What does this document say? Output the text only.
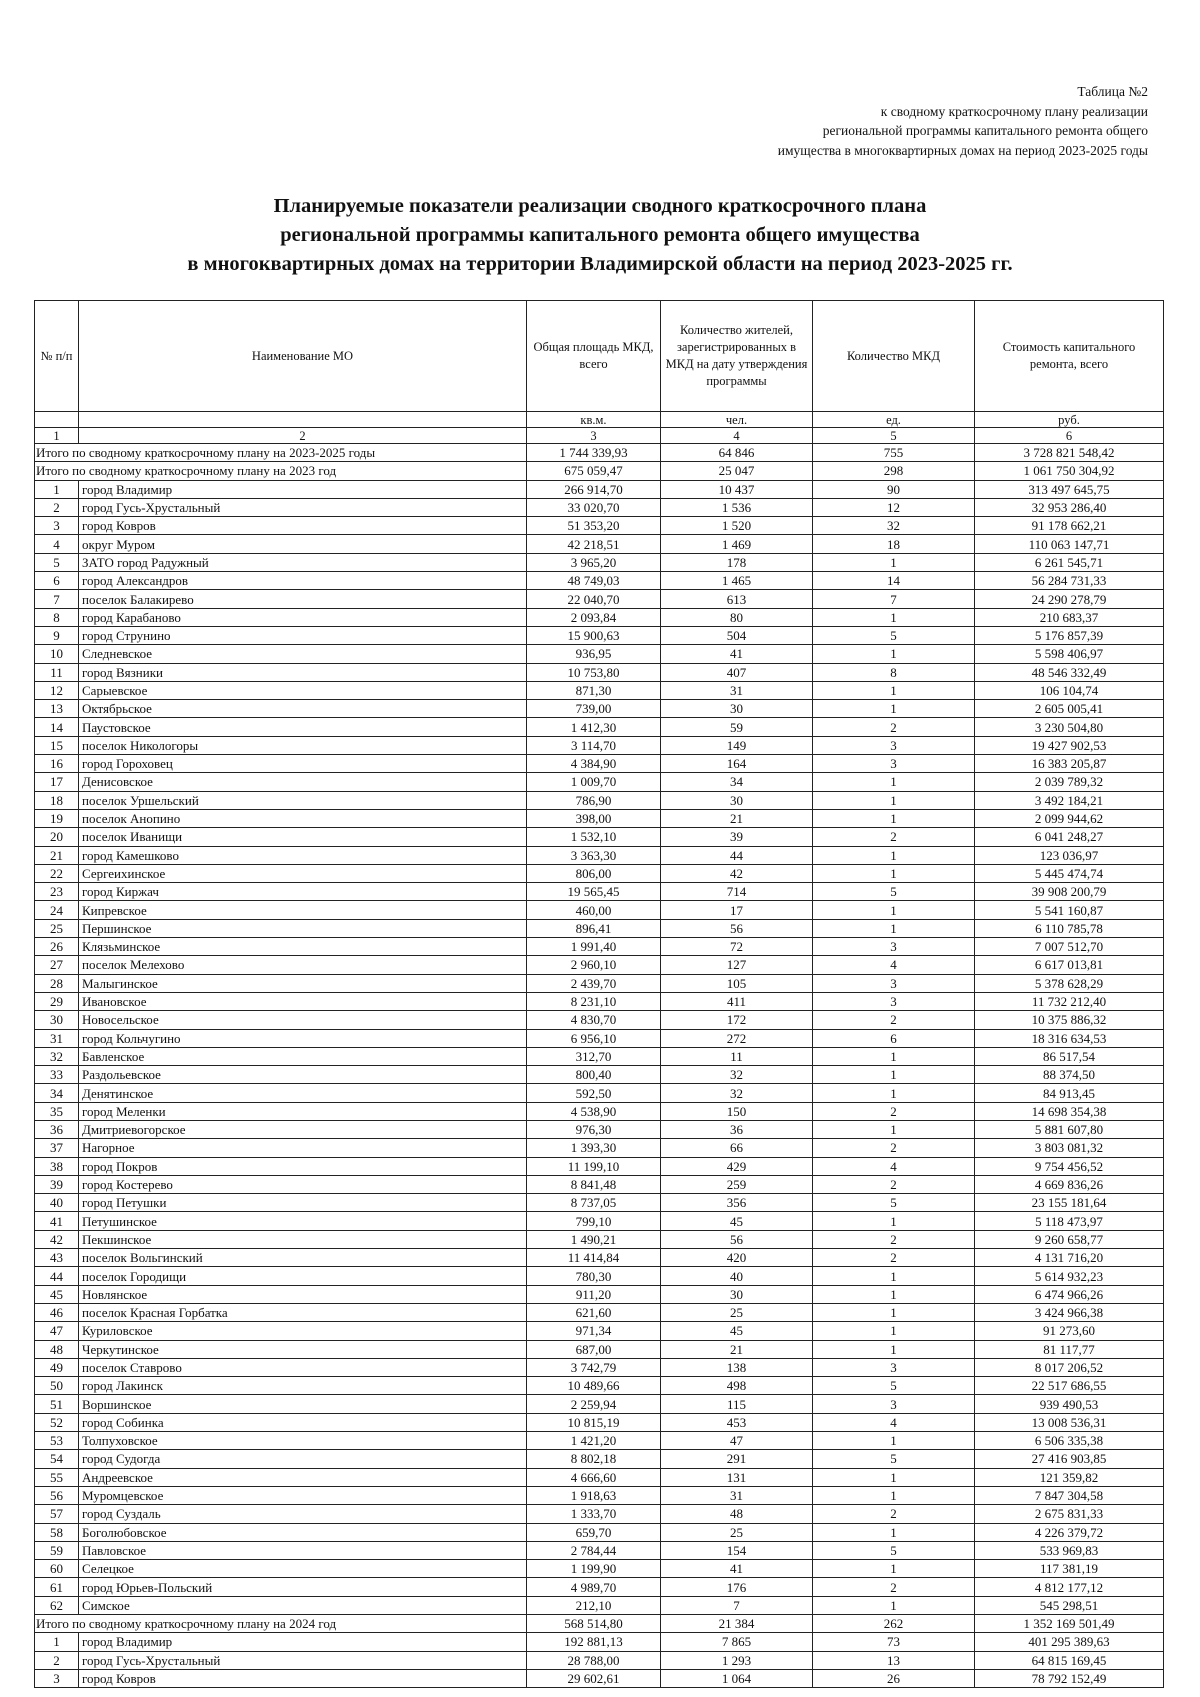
Таблица №2
к сводному краткосрочному плану реализации
региональной программы капитального ремонта общего
имущества в многоквартирных домах на период 2023-2025 годы
Планируемые показатели реализации сводного краткосрочного плана
региональной программы капитального ремонта общего имущества
в многоквартирных домах на территории Владимирской области на период 2023-2025 гг.
№ п/п	Наименование МО	Общая площадь МКД, всего	Количество жителей, зарегистрированных в МКД на дату утверждения программы	Количество МКД	Стоимость капитального ремонта, всего
		кв.м.	чел.	ед.	руб.
1	2	3	4	5	6
Итого по сводному краткосрочному плану на 2023-2025 годы		1 744 339,93	64 846	755	3 728 821 548,42
Итого по сводному краткосрочному плану на 2023 год		675 059,47	25 047	298	1 061 750 304,92
1	город Владимир	266 914,70	10 437	90	313 497 645,75
2	город Гусь-Хрустальный	33 020,70	1 536	12	32 953 286,40
3	город Ковров	51 353,20	1 520	32	91 178 662,21
4	округ Муром	42 218,51	1 469	18	110 063 147,71
5	ЗАТО город Радужный	3 965,20	178	1	6 261 545,71
6	город Александров	48 749,03	1 465	14	56 284 731,33
7	поселок Балакирево	22 040,70	613	7	24 290 278,79
8	город Карабаново	2 093,84	80	1	210 683,37
9	город Струнино	15 900,63	504	5	5 176 857,39
10	Следневское	936,95	41	1	5 598 406,97
11	город Вязники	10 753,80	407	8	48 546 332,49
12	Сарыевское	871,30	31	1	106 104,74
13	Октябрьское	739,00	30	1	2 605 005,41
14	Паустовское	1 412,30	59	2	3 230 504,80
15	поселок Никологоры	3 114,70	149	3	19 427 902,53
16	город Гороховец	4 384,90	164	3	16 383 205,87
17	Денисовское	1 009,70	34	1	2 039 789,32
18	поселок Уршельский	786,90	30	1	3 492 184,21
19	поселок Анопино	398,00	21	1	2 099 944,62
20	поселок Иванищи	1 532,10	39	2	6 041 248,27
21	город Камешково	3 363,30	44	1	123 036,97
22	Сергеихинское	806,00	42	1	5 445 474,74
23	город Киржач	19 565,45	714	5	39 908 200,79
24	Кипревское	460,00	17	1	5 541 160,87
25	Першинское	896,41	56	1	6 110 785,78
26	Клязьминское	1 991,40	72	3	7 007 512,70
27	поселок Мелехово	2 960,10	127	4	6 617 013,81
28	Малыгинское	2 439,70	105	3	5 378 628,29
29	Ивановское	8 231,10	411	3	11 732 212,40
30	Новосельское	4 830,70	172	2	10 375 886,32
31	город Кольчугино	6 956,10	272	6	18 316 634,53
32	Бавленское	312,70	11	1	86 517,54
33	Раздольевское	800,40	32	1	88 374,50
34	Денятинское	592,50	32	1	84 913,45
35	город Меленки	4 538,90	150	2	14 698 354,38
36	Дмитриевогорское	976,30	36	1	5 881 607,80
37	Нагорное	1 393,30	66	2	3 803 081,32
38	город Покров	11 199,10	429	4	9 754 456,52
39	город Костерево	8 841,48	259	2	4 669 836,26
40	город Петушки	8 737,05	356	5	23 155 181,64
41	Петушинское	799,10	45	1	5 118 473,97
42	Пекшинское	1 490,21	56	2	9 260 658,77
43	поселок Вольгинский	11 414,84	420	2	4 131 716,20
44	поселок Городищи	780,30	40	1	5 614 932,23
45	Новлянское	911,20	30	1	6 474 966,26
46	поселок Красная Горбатка	621,60	25	1	3 424 966,38
47	Куриловское	971,34	45	1	91 273,60
48	Черкутинское	687,00	21	1	81 117,77
49	поселок Ставрово	3 742,79	138	3	8 017 206,52
50	город Лакинск	10 489,66	498	5	22 517 686,55
51	Воршинское	2 259,94	115	3	939 490,53
52	город Собинка	10 815,19	453	4	13 008 536,31
53	Толпуховское	1 421,20	47	1	6 506 335,38
54	город Судогда	8 802,18	291	5	27 416 903,85
55	Андреевское	4 666,60	131	1	121 359,82
56	Муромцевское	1 918,63	31	1	7 847 304,58
57	город Суздаль	1 333,70	48	2	2 675 831,33
58	Боголюбовское	659,70	25	1	4 226 379,72
59	Павловское	2 784,44	154	5	533 969,83
60	Селецкое	1 199,90	41	1	117 381,19
61	город Юрьев-Польский	4 989,70	176	2	4 812 177,12
62	Симское	212,10	7	1	545 298,51
Итого по сводному краткосрочному плану на 2024 год		568 514,80	21 384	262	1 352 169 501,49
1	город Владимир	192 881,13	7 865	73	401 295 389,63
2	город Гусь-Хрустальный	28 788,00	1 293	13	64 815 169,45
3	город Ковров	29 602,61	1 064	26	78 792 152,49
